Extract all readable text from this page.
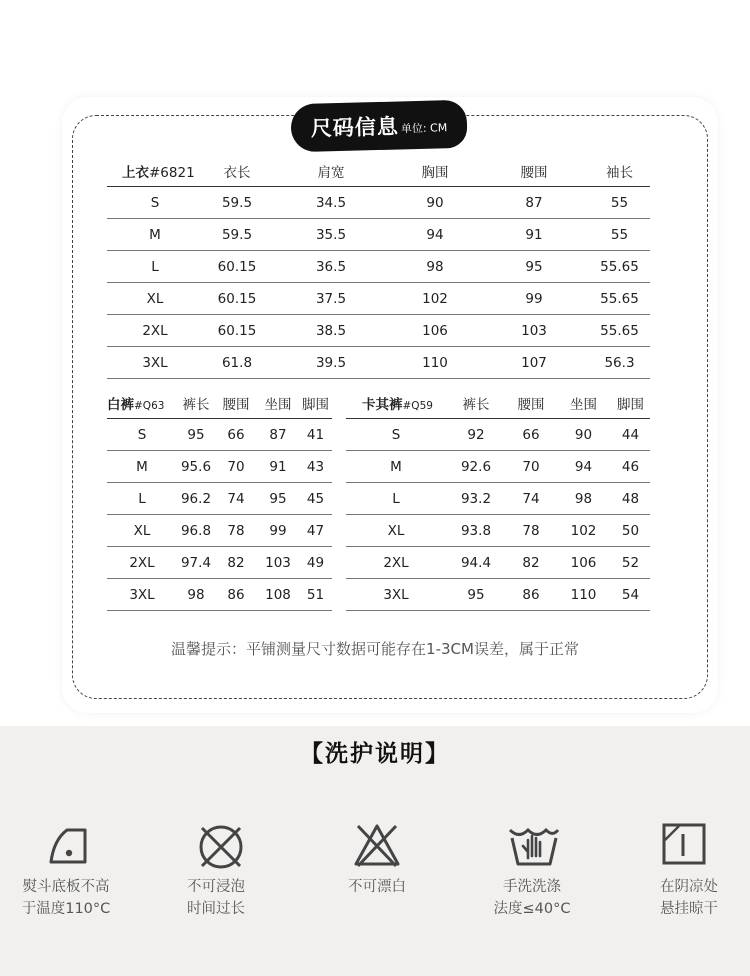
尺码信息 单位: CM
上衣#6821	衣长	肩宽	胸围	腰围	袖长
S	59.5	34.5	90	87	55
M	59.5	35.5	94	91	55
L	60.15	36.5	98	95	55.65
XL	60.15	37.5	102	99	55.65
2XL	60.15	38.5	106	103	55.65
3XL	61.8	39.5	110	107	56.3
白裤#Q63	裤长	腰围	坐围	脚围
S	95	66	87	41
M	95.6	70	91	43
L	96.2	74	95	45
XL	96.8	78	99	47
2XL	97.4	82	103	49
3XL	98	86	108	51
卡其裤#Q59	裤长	腰围	坐围	脚围
S	92	66	90	44
M	92.6	70	94	46
L	93.2	74	98	48
XL	93.8	78	102	50
2XL	94.4	82	106	52
3XL	95	86	110	54
温馨提示：平铺测量尺寸数据可能存在1-3CM误差，属于正常
【洗护说明】
熨斗底板不高
于温度110°C
不可浸泡
时间过长
不可漂白	手洗洗涤
法度≤40°C
在阴凉处
悬挂晾干
